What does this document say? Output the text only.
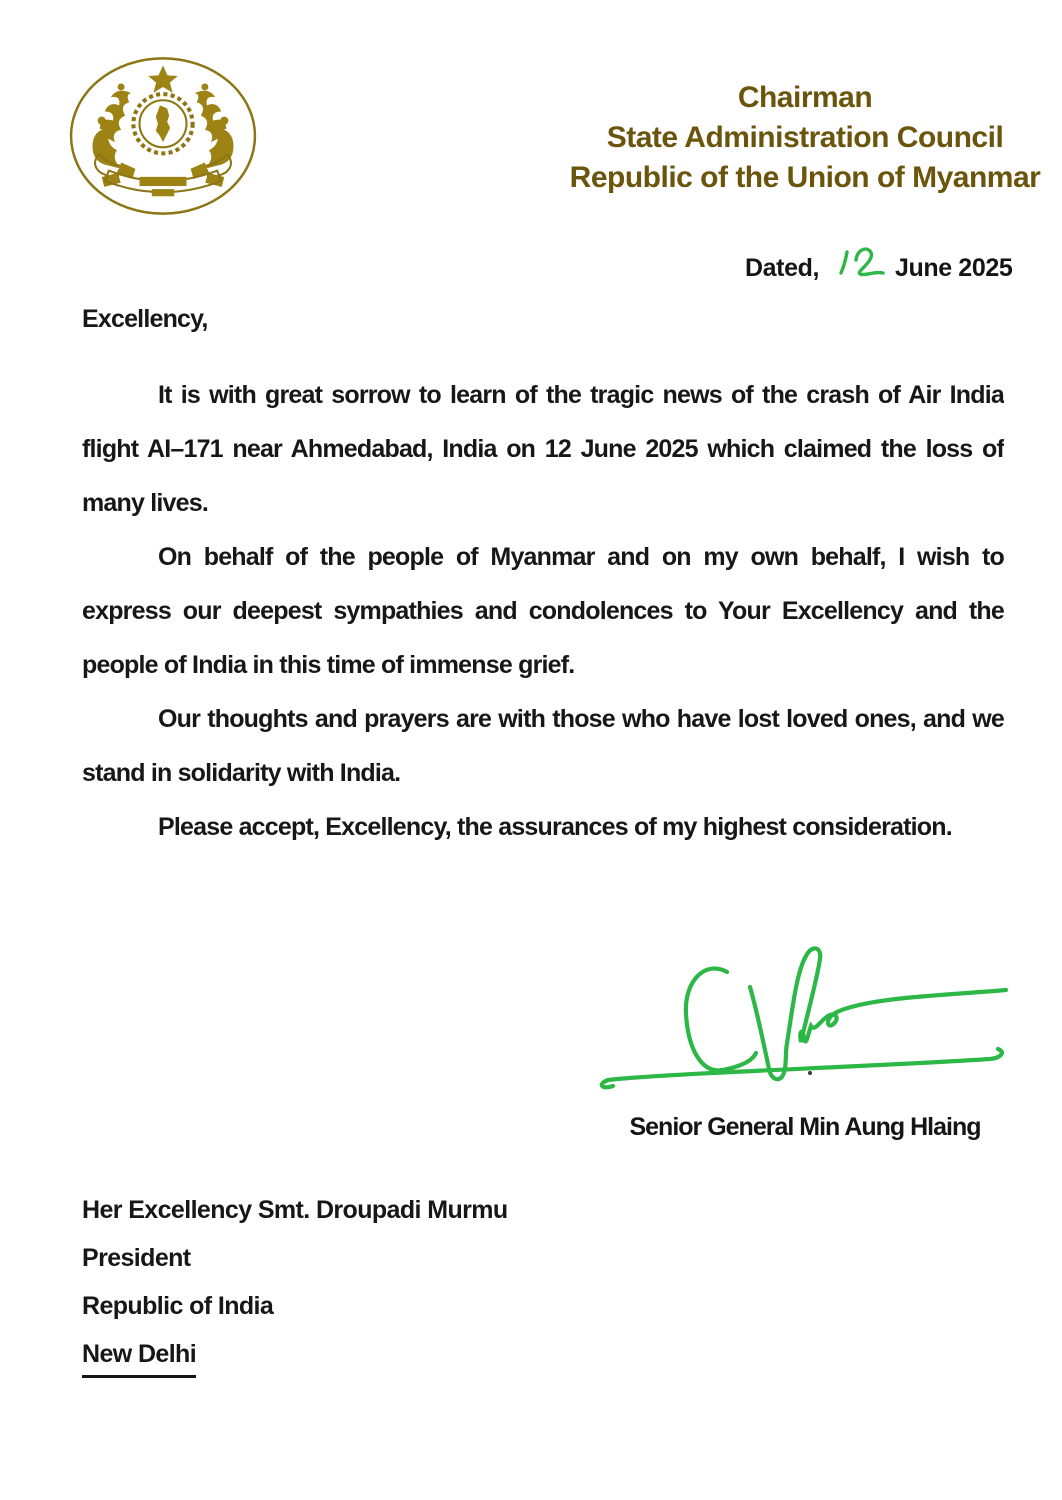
Chairman
State Administration Council
Republic of the Union of Myanmar
Dated,	June 2025
Excellency,
It is with great sorrow to learn of the tragic news of the crash of Air India
flight AI–171 near Ahmedabad, India on 12 June 2025 which claimed the loss of
many lives.
On behalf of the people of Myanmar and on my own behalf, I wish to
express our deepest sympathies and condolences to Your Excellency and the
people of India in this time of immense grief.
Our thoughts and prayers are with those who have lost loved ones, and we
stand in solidarity with India.
Please accept, Excellency, the assurances of my highest consideration.
Senior General Min Aung Hlaing
Her Excellency Smt. Droupadi Murmu
President
Republic of India
New Delhi
